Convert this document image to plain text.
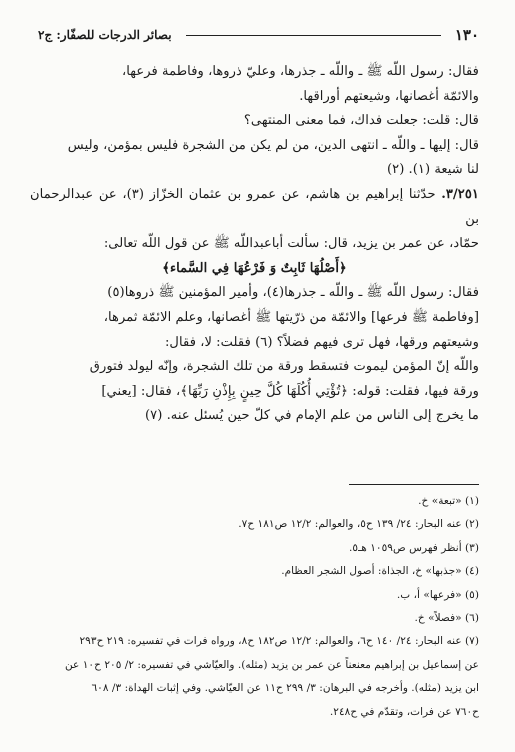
١٣٠
بصائر الدرجات للصفّار: ج٢

فقال: رسول اللّه ﷺ ـ واللّه ـ جذرها، وعليّ ذروها، وفاطمة فرعها،

والائمّة أغصانها، وشيعتهم أوراقها.

قال: قلت: جعلت فداك، فما معنى المنتهى؟

قال: إليها ـ واللّه ـ انتهى الدين، من لم يكن من الشجرة فليس بمؤمن، وليس

لنا شيعة (١). (٢)

٣/٢٥١. حدّثنا إبراهيم بن هاشم، عن عمرو بن عثمان الخزّاز (٣)، عن عبدالرحمان بن

حمّاد، عن عمر بن يزيد، قال: سألت أباعبداللّه ﷺ عن قول اللّه تعالى:

﴿أَصْلُهَا ثَابِتٌ وَ فَرْعُهَا فِي السَّماء﴾

فقال: رسول اللّه ﷺ ـ واللّه ـ جذرها(٤)، وأمير المؤمنين ﷺ ذروها(٥)

[وفاطمة ﷺ فرعها] والائمّة من ذرّيتها ﷺ أغصانها، وعلم الائمّة ثمرها،

وشيعتهم ورقها، فهل ترى فيهم فضلاً؟ (٦) فقلت: لا، فقال:

واللّه إنّ المؤمن ليموت فتسقط ورقة من تلك الشجرة، وإنّه ليولد فتورق

ورقة فيها، فقلت: قوله: ﴿تُؤْتِي أُكُلَهَا كُلَّ حِينٍ بِإِذْنِ رَبِّهَا﴾، فقال: [يعني]

ما يخرج إلى الناس من علم الإمام في كلّ حين يُسئل عنه. (٧)

(١) «تبعة» خ.

(٢) عنه البحار: ٢٤/ ١٣٩ ح٥، والعوالم: ١٢/٢ ص١٨١ ح٧.

(٣) أنظر فهرس ص١٠٥٩ هـ٥.

(٤) «جذبها» خ، الجذاة: أصول الشجر العظام.

(٥) «فرعها» أ، ب.

(٦) «فصلاً» خ.

(٧) عنه البحار: ٢٤/ ١٤٠ ح٦، والعوالم: ١٢/٢ ص١٨٢ ح٨، ورواه فرات في تفسيره: ٢١٩ ح٢٩٣

عن إسماعيل بن إبراهيم معنعناً عن عمر بن يزيد (مثله). والعيّاشي في تفسيره: ٢/ ٢٠٥ ح١٠ عن

ابن يزيد (مثله). وأخرجه في البرهان: ٣/ ٢٩٩ ح١١ عن العيّاشي. وفي إثبات الهداة: ٣/ ٦٠٨

ح٧٦٠ عن فرات، وتقدّم في ح٢٤٨.
